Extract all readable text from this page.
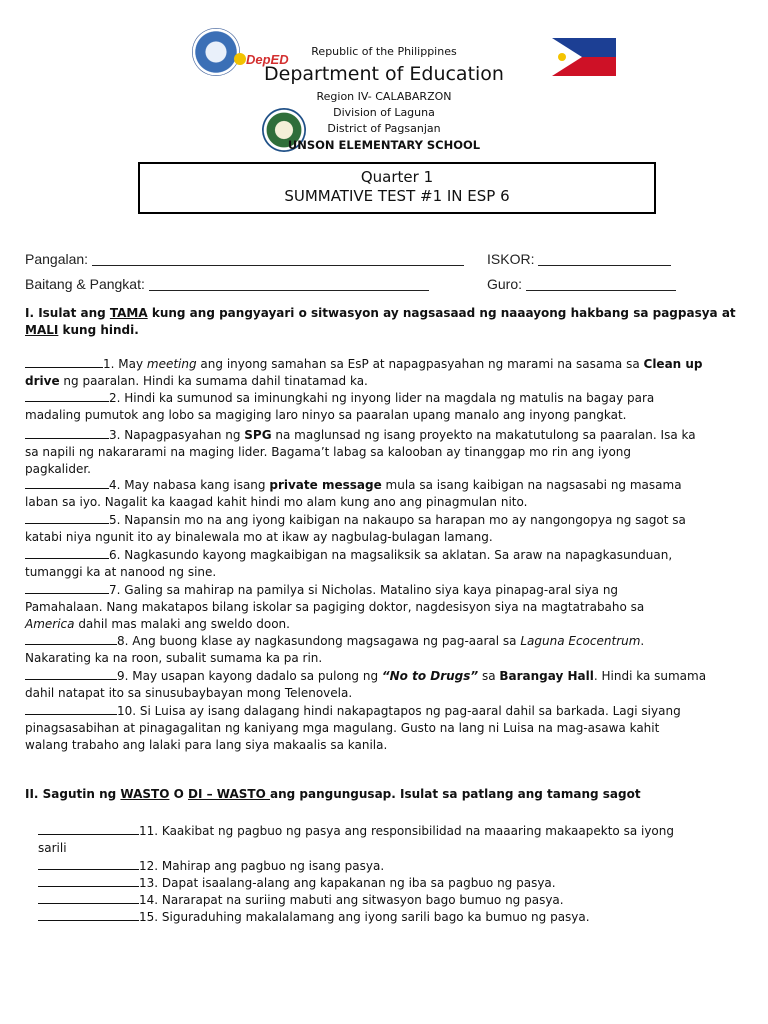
DepED
Republic of the Philippines
Department of Education
Region IV- CALABARZON
Division of Laguna
District of Pagsanjan
UNSON ELEMENTARY SCHOOL
Quarter 1
SUMMATIVE TEST #1 IN ESP 6
Pangalan:	ISKOR:
Baitang & Pangkat:	Guro:
I. Isulat ang TAMA kung ang pangyayari o sitwasyon ay nagsasaad ng naaayong hakbang sa pagpasya at
MALI kung hindi.
1. May meeting ang inyong samahan sa EsP at napagpasyahan ng marami na sasama sa Clean up
drive ng paaralan. Hindi ka sumama dahil tinatamad ka.
2. Hindi ka sumunod sa iminungkahi ng inyong lider na magdala ng matulis na bagay para
madaling pumutok ang lobo sa magiging laro ninyo sa paaralan upang manalo ang inyong pangkat.
3. Napagpasyahan ng SPG na maglunsad ng isang proyekto na makatutulong sa paaralan. Isa ka
sa napili ng nakararami na maging lider. Bagama’t labag sa kalooban ay tinanggap mo rin ang iyong
pagkalider.
4. May nabasa kang isang private message mula sa isang kaibigan na nagsasabi ng masama
laban sa iyo. Nagalit ka kaagad kahit hindi mo alam kung ano ang pinagmulan nito.
5. Napansin mo na ang iyong kaibigan na nakaupo sa harapan mo ay nangongopya ng sagot sa
katabi niya ngunit ito ay binalewala mo at ikaw ay nagbulag-bulagan lamang.
6. Nagkasundo kayong magkaibigan na magsaliksik sa aklatan. Sa araw na napagkasunduan,
tumanggi ka at nanood ng sine.
7. Galing sa mahirap na pamilya si Nicholas. Matalino siya kaya pinapag-aral siya ng
Pamahalaan. Nang makatapos bilang iskolar sa pagiging doktor, nagdesisyon siya na magtatrabaho sa
America dahil mas malaki ang sweldo doon.
8. Ang buong klase ay nagkasundong magsagawa ng pag-aaral sa Laguna Ecocentrum.
Nakarating ka na roon, subalit sumama ka pa rin.
9. May usapan kayong dadalo sa pulong ng “No to Drugs” sa Barangay Hall. Hindi ka sumama
dahil natapat ito sa sinusubaybayan mong Telenovela.
10. Si Luisa ay isang dalagang hindi nakapagtapos ng pag-aaral dahil sa barkada. Lagi siyang
pinagsasabihan at pinagagalitan ng kaniyang mga magulang. Gusto na lang ni Luisa na mag-asawa kahit
walang trabaho ang lalaki para lang siya makaalis sa kanila.
II. Sagutin ng WASTO O DI – WASTO ang pangungusap. Isulat sa patlang ang tamang sagot
11. Kaakibat ng pagbuo ng pasya ang responsibilidad na maaaring makaapekto sa iyong
sarili
12. Mahirap ang pagbuo ng isang pasya.
13. Dapat isaalang-alang ang kapakanan ng iba sa pagbuo ng pasya.
14. Nararapat na suriing mabuti ang sitwasyon bago bumuo ng pasya.
15. Siguraduhing makalalamang ang iyong sarili bago ka bumuo ng pasya.
